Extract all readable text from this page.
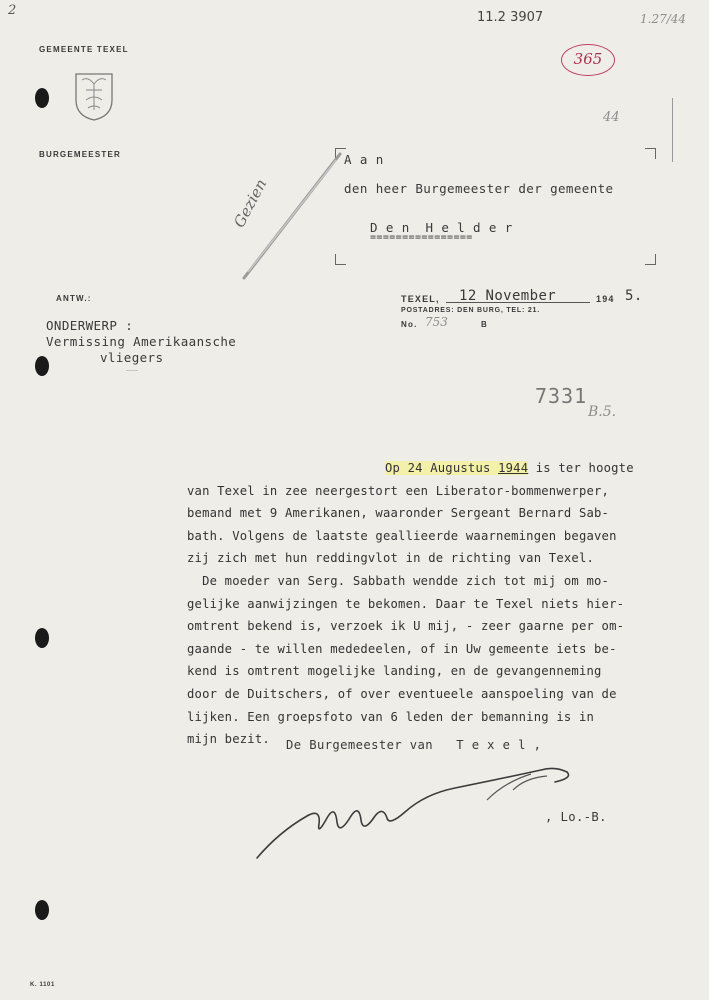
2	11.2 3907	1.27/44
365
44
GEMEENTE TEXEL
BURGEMEESTER
ANTW.:
ONDERWERP :
Vermissing Amerikaansche
vliegers
————
A a n
den heer Burgemeester der gemeente
D e n  H e l d e r
================
Gezien
TEXEL, 12 November	194 5.
POSTADRES: DEN BURG, TEL: 21.
No. 753	B
7331
B.5.
Op 24 Augustus 1944 is ter hoogte
van Texel in zee neergestort een Liberator-bommenwerper,
bemand met 9 Amerikanen, waaronder Sergeant Bernard Sab-
bath. Volgens de laatste geallieerde waarnemingen begaven
zij zich met hun reddingvlot in de richting van Texel.
De moeder van Serg. Sabbath wendde zich tot mij om mo-
gelijke aanwijzingen te bekomen. Daar te Texel niets hier-
omtrent bekend is, verzoek ik U mij, - zeer gaarne per om-
gaande - te willen mededeelen, of in Uw gemeente iets be-
kend is omtrent mogelijke landing, en de gevangenneming
door de Duitschers, of over eventueele aanspoeling van de
lijken. Een groepsfoto van 6 leden der bemanning is in
mijn bezit.	De Burgemeester van   T e x e l ,
, Lo.-B.
K. 1101
